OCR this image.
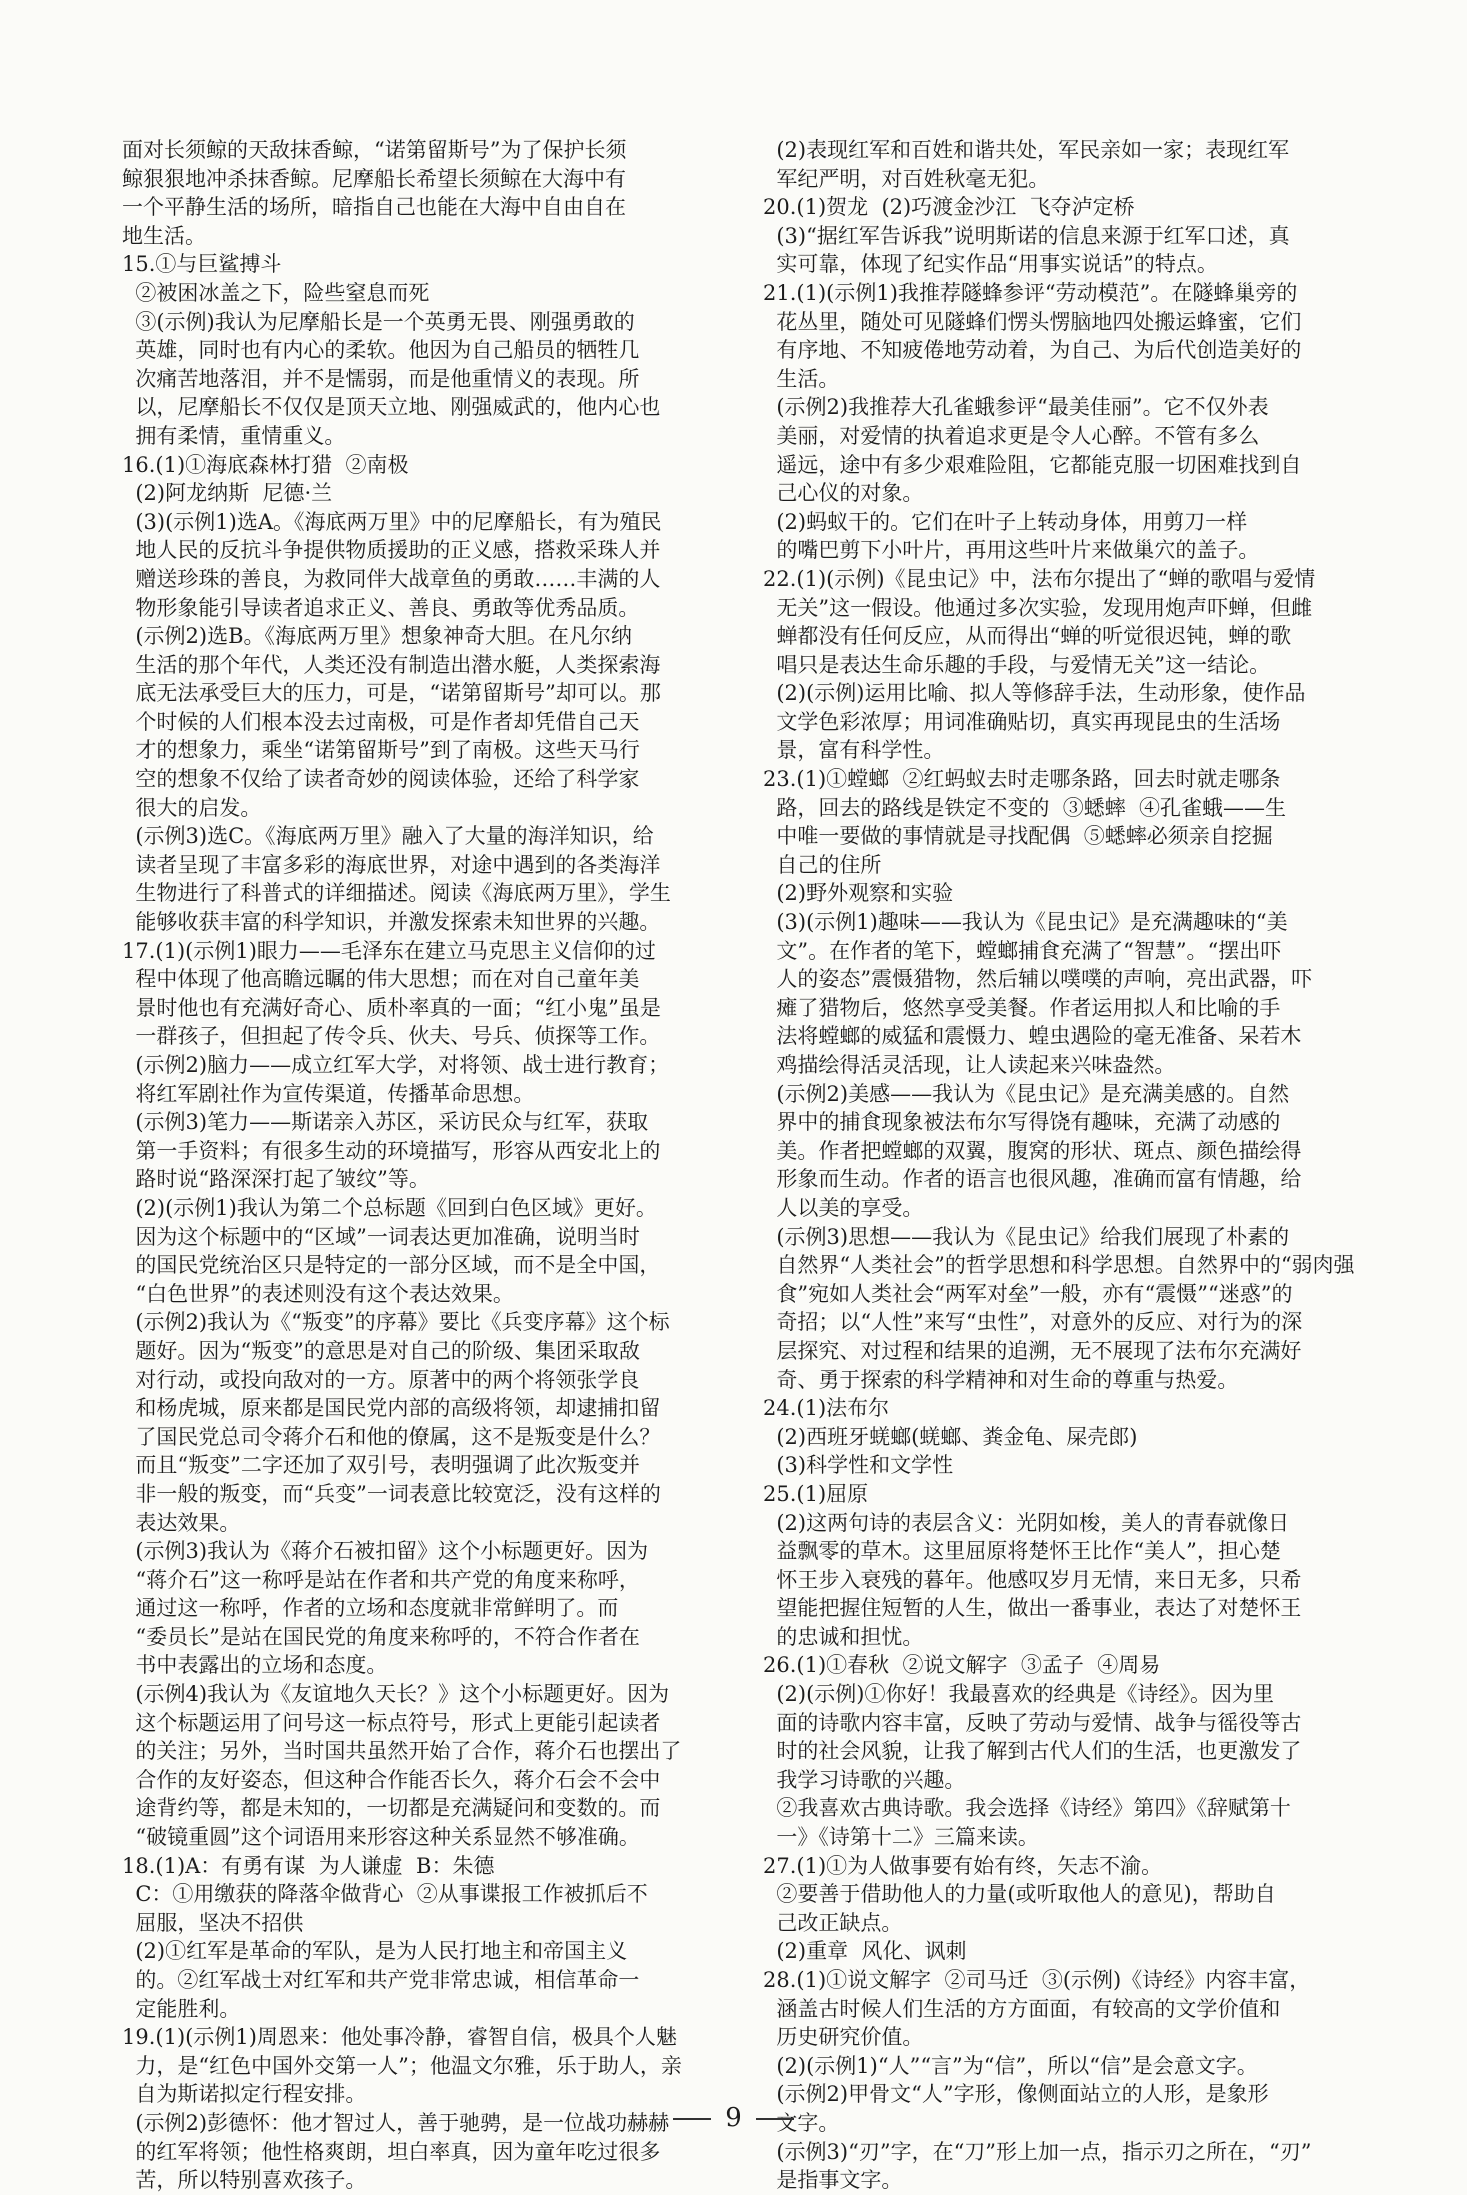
面对长须鲸的天敌抹香鲸，“诺第留斯号”为了保护长须

鲸狠狠地冲杀抹香鲸。尼摩船长希望长须鲸在大海中有

一个平静生活的场所，暗指自己也能在大海中自由自在

地生活。

15.①与巨鲨搏斗

②被困冰盖之下，险些窒息而死

③(示例)我认为尼摩船长是一个英勇无畏、刚强勇敢的

英雄，同时也有内心的柔软。他因为自己船员的牺牲几

次痛苦地落泪，并不是懦弱，而是他重情义的表现。所

以，尼摩船长不仅仅是顶天立地、刚强威武的，他内心也

拥有柔情，重情重义。

16.(1)①海底森林打猎  ②南极

(2)阿龙纳斯  尼德·兰

(3)(示例1)选A。《海底两万里》中的尼摩船长，有为殖民

地人民的反抗斗争提供物质援助的正义感，搭救采珠人并

赠送珍珠的善良，为救同伴大战章鱼的勇敢……丰满的人

物形象能引导读者追求正义、善良、勇敢等优秀品质。

(示例2)选B。《海底两万里》想象神奇大胆。在凡尔纳

生活的那个年代，人类还没有制造出潜水艇，人类探索海

底无法承受巨大的压力，可是，“诺第留斯号”却可以。那

个时候的人们根本没去过南极，可是作者却凭借自己天

才的想象力，乘坐“诺第留斯号”到了南极。这些天马行

空的想象不仅给了读者奇妙的阅读体验，还给了科学家

很大的启发。

(示例3)选C。《海底两万里》融入了大量的海洋知识，给

读者呈现了丰富多彩的海底世界，对途中遇到的各类海洋

生物进行了科普式的详细描述。阅读《海底两万里》，学生

能够收获丰富的科学知识，并激发探索未知世界的兴趣。

17.(1)(示例1)眼力——毛泽东在建立马克思主义信仰的过

程中体现了他高瞻远瞩的伟大思想；而在对自己童年美

景时他也有充满好奇心、质朴率真的一面；“红小鬼”虽是

一群孩子，但担起了传令兵、伙夫、号兵、侦探等工作。

(示例2)脑力——成立红军大学，对将领、战士进行教育；

将红军剧社作为宣传渠道，传播革命思想。

(示例3)笔力——斯诺亲入苏区，采访民众与红军，获取

第一手资料；有很多生动的环境描写，形容从西安北上的

路时说“路深深打起了皱纹”等。

(2)(示例1)我认为第二个总标题《回到白色区域》更好。

因为这个标题中的“区域”一词表达更加准确，说明当时

的国民党统治区只是特定的一部分区域，而不是全中国，

“白色世界”的表述则没有这个表达效果。

(示例2)我认为《“叛变”的序幕》要比《兵变序幕》这个标

题好。因为“叛变”的意思是对自己的阶级、集团采取敌

对行动，或投向敌对的一方。原著中的两个将领张学良

和杨虎城，原来都是国民党内部的高级将领，却逮捕扣留

了国民党总司令蒋介石和他的僚属，这不是叛变是什么？

而且“叛变”二字还加了双引号，表明强调了此次叛变并

非一般的叛变，而“兵变”一词表意比较宽泛，没有这样的

表达效果。

(示例3)我认为《蒋介石被扣留》这个小标题更好。因为

“蒋介石”这一称呼是站在作者和共产党的角度来称呼，

通过这一称呼，作者的立场和态度就非常鲜明了。而

“委员长”是站在国民党的角度来称呼的，不符合作者在

书中表露出的立场和态度。

(示例4)我认为《友谊地久天长？》这个小标题更好。因为

这个标题运用了问号这一标点符号，形式上更能引起读者

的关注；另外，当时国共虽然开始了合作，蒋介石也摆出了

合作的友好姿态，但这种合作能否长久，蒋介石会不会中

途背约等，都是未知的，一切都是充满疑问和变数的。而

“破镜重圆”这个词语用来形容这种关系显然不够准确。

18.(1)A：有勇有谋  为人谦虚  B：朱德

C：①用缴获的降落伞做背心  ②从事谍报工作被抓后不

屈服，坚决不招供

(2)①红军是革命的军队，是为人民打地主和帝国主义

的。②红军战士对红军和共产党非常忠诚，相信革命一

定能胜利。

19.(1)(示例1)周恩来：他处事冷静，睿智自信，极具个人魅

力，是“红色中国外交第一人”；他温文尔雅，乐于助人，亲

自为斯诺拟定行程安排。

(示例2)彭德怀：他才智过人，善于驰骋，是一位战功赫赫

的红军将领；他性格爽朗，坦白率真，因为童年吃过很多

苦，所以特别喜欢孩子。

(2)表现红军和百姓和谐共处，军民亲如一家；表现红军

军纪严明，对百姓秋毫无犯。

20.(1)贺龙  (2)巧渡金沙江  飞夺泸定桥

(3)“据红军告诉我”说明斯诺的信息来源于红军口述，真

实可靠，体现了纪实作品“用事实说话”的特点。

21.(1)(示例1)我推荐隧蜂参评“劳动模范”。在隧蜂巢旁的

花丛里，随处可见隧蜂们愣头愣脑地四处搬运蜂蜜，它们

有序地、不知疲倦地劳动着，为自己、为后代创造美好的

生活。

(示例2)我推荐大孔雀蛾参评“最美佳丽”。它不仅外表

美丽，对爱情的执着追求更是令人心醉。不管有多么

遥远，途中有多少艰难险阻，它都能克服一切困难找到自

己心仪的对象。

(2)蚂蚁干的。它们在叶子上转动身体，用剪刀一样

的嘴巴剪下小叶片，再用这些叶片来做巢穴的盖子。

22.(1)(示例)《昆虫记》中，法布尔提出了“蝉的歌唱与爱情

无关”这一假设。他通过多次实验，发现用炮声吓蝉，但雌

蝉都没有任何反应，从而得出“蝉的听觉很迟钝，蝉的歌

唱只是表达生命乐趣的手段，与爱情无关”这一结论。

(2)(示例)运用比喻、拟人等修辞手法，生动形象，使作品

文学色彩浓厚；用词准确贴切，真实再现昆虫的生活场

景，富有科学性。

23.(1)①螳螂  ②红蚂蚁去时走哪条路，回去时就走哪条

路，回去的路线是铁定不变的  ③蟋蟀  ④孔雀蛾——生

中唯一要做的事情就是寻找配偶  ⑤蟋蟀必须亲自挖掘

自己的住所

(2)野外观察和实验

(3)(示例1)趣味——我认为《昆虫记》是充满趣味的“美

文”。在作者的笔下，螳螂捕食充满了“智慧”。“摆出吓

人的姿态”震慑猎物，然后辅以噗噗的声响，亮出武器，吓

瘫了猎物后，悠然享受美餐。作者运用拟人和比喻的手

法将螳螂的威猛和震慑力、蝗虫遇险的毫无准备、呆若木

鸡描绘得活灵活现，让人读起来兴味盎然。

(示例2)美感——我认为《昆虫记》是充满美感的。自然

界中的捕食现象被法布尔写得饶有趣味，充满了动感的

美。作者把螳螂的双翼，腹窝的形状、斑点、颜色描绘得

形象而生动。作者的语言也很风趣，准确而富有情趣，给

人以美的享受。

(示例3)思想——我认为《昆虫记》给我们展现了朴素的

自然界“人类社会”的哲学思想和科学思想。自然界中的“弱肉强

食”宛如人类社会“两军对垒”一般，亦有“震慑”“迷惑”的

奇招；以“人性”来写“虫性”，对意外的反应、对行为的深

层探究、对过程和结果的追溯，无不展现了法布尔充满好

奇、勇于探索的科学精神和对生命的尊重与热爱。

24.(1)法布尔

(2)西班牙蜣螂(蜣螂、粪金龟、屎壳郎)

(3)科学性和文学性

25.(1)屈原

(2)这两句诗的表层含义：光阴如梭，美人的青春就像日

益飘零的草木。这里屈原将楚怀王比作“美人”，担心楚

怀王步入衰残的暮年。他感叹岁月无情，来日无多，只希

望能把握住短暂的人生，做出一番事业，表达了对楚怀王

的忠诚和担忧。

26.(1)①春秋  ②说文解字  ③孟子  ④周易

(2)(示例)①你好！我最喜欢的经典是《诗经》。因为里

面的诗歌内容丰富，反映了劳动与爱情、战争与徭役等古

时的社会风貌，让我了解到古代人们的生活，也更激发了

我学习诗歌的兴趣。

②我喜欢古典诗歌。我会选择《诗经》第四》《辞赋第十

一》《诗第十二》三篇来读。

27.(1)①为人做事要有始有终，矢志不渝。

②要善于借助他人的力量(或听取他人的意见)，帮助自

己改正缺点。

(2)重章  风化、讽刺

28.(1)①说文解字  ②司马迁  ③(示例)《诗经》内容丰富，

涵盖古时候人们生活的方方面面，有较高的文学价值和

历史研究价值。

(2)(示例1)“人”“言”为“信”，所以“信”是会意文字。

(示例2)甲骨文“人”字形，像侧面站立的人形，是象形

文字。

(示例3)“刃”字，在“刀”形上加一点，指示刃之所在，“刃”

是指事文字。

9
